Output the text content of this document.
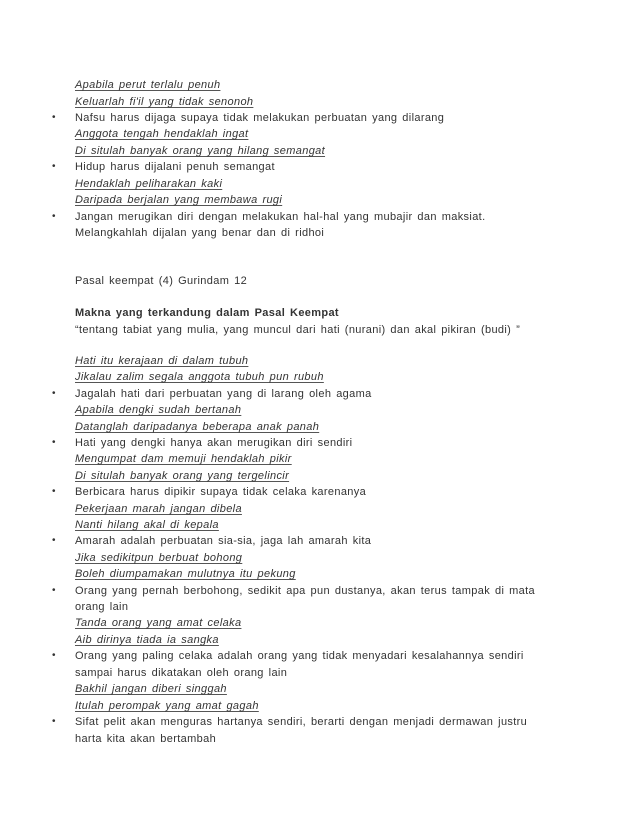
Apabila perut terlalu penuh
Keluarlah fi'il yang tidak senonoh
• Nafsu harus dijaga supaya tidak melakukan perbuatan yang dilarang
Anggota tengah hendaklah ingat
Di situlah banyak orang yang hilang semangat
• Hidup harus dijalani penuh semangat
Hendaklah peliharakan kaki
Daripada berjalan yang membawa rugi
• Jangan merugikan diri dengan melakukan hal-hal yang mubajir dan maksiat.
Melangkahlah dijalan yang benar dan di ridhoi
Pasal keempat (4) Gurindam 12
Makna yang terkandung dalam Pasal Keempat
“tentang tabiat yang mulia, yang muncul dari hati (nurani) dan akal pikiran (budi) ”
Hati itu kerajaan di dalam tubuh
Jikalau zalim segala anggota tubuh pun rubuh
• Jagalah hati dari perbuatan yang di larang oleh agama
Apabila dengki sudah bertanah
Datanglah daripadanya beberapa anak panah
• Hati yang dengki hanya akan merugikan diri sendiri
Mengumpat dam memuji hendaklah pikir
Di situlah banyak orang yang tergelincir
• Berbicara harus dipikir supaya tidak celaka karenanya
Pekerjaan marah jangan dibela
Nanti hilang akal di kepala
• Amarah adalah perbuatan sia-sia, jaga lah amarah kita
Jika sedikitpun berbuat bohong
Boleh diumpamakan mulutnya itu pekung
• Orang yang pernah berbohong, sedikit apa pun dustanya, akan terus tampak di mata
orang lain
Tanda orang yang amat celaka
Aib dirinya tiada ia sangka
• Orang yang paling celaka adalah orang yang tidak menyadari kesalahannya sendiri
sampai harus dikatakan oleh orang lain
Bakhil jangan diberi singgah
Itulah perompak yang amat gagah
• Sifat pelit akan menguras hartanya sendiri, berarti dengan menjadi dermawan justru
harta kita akan bertambah
